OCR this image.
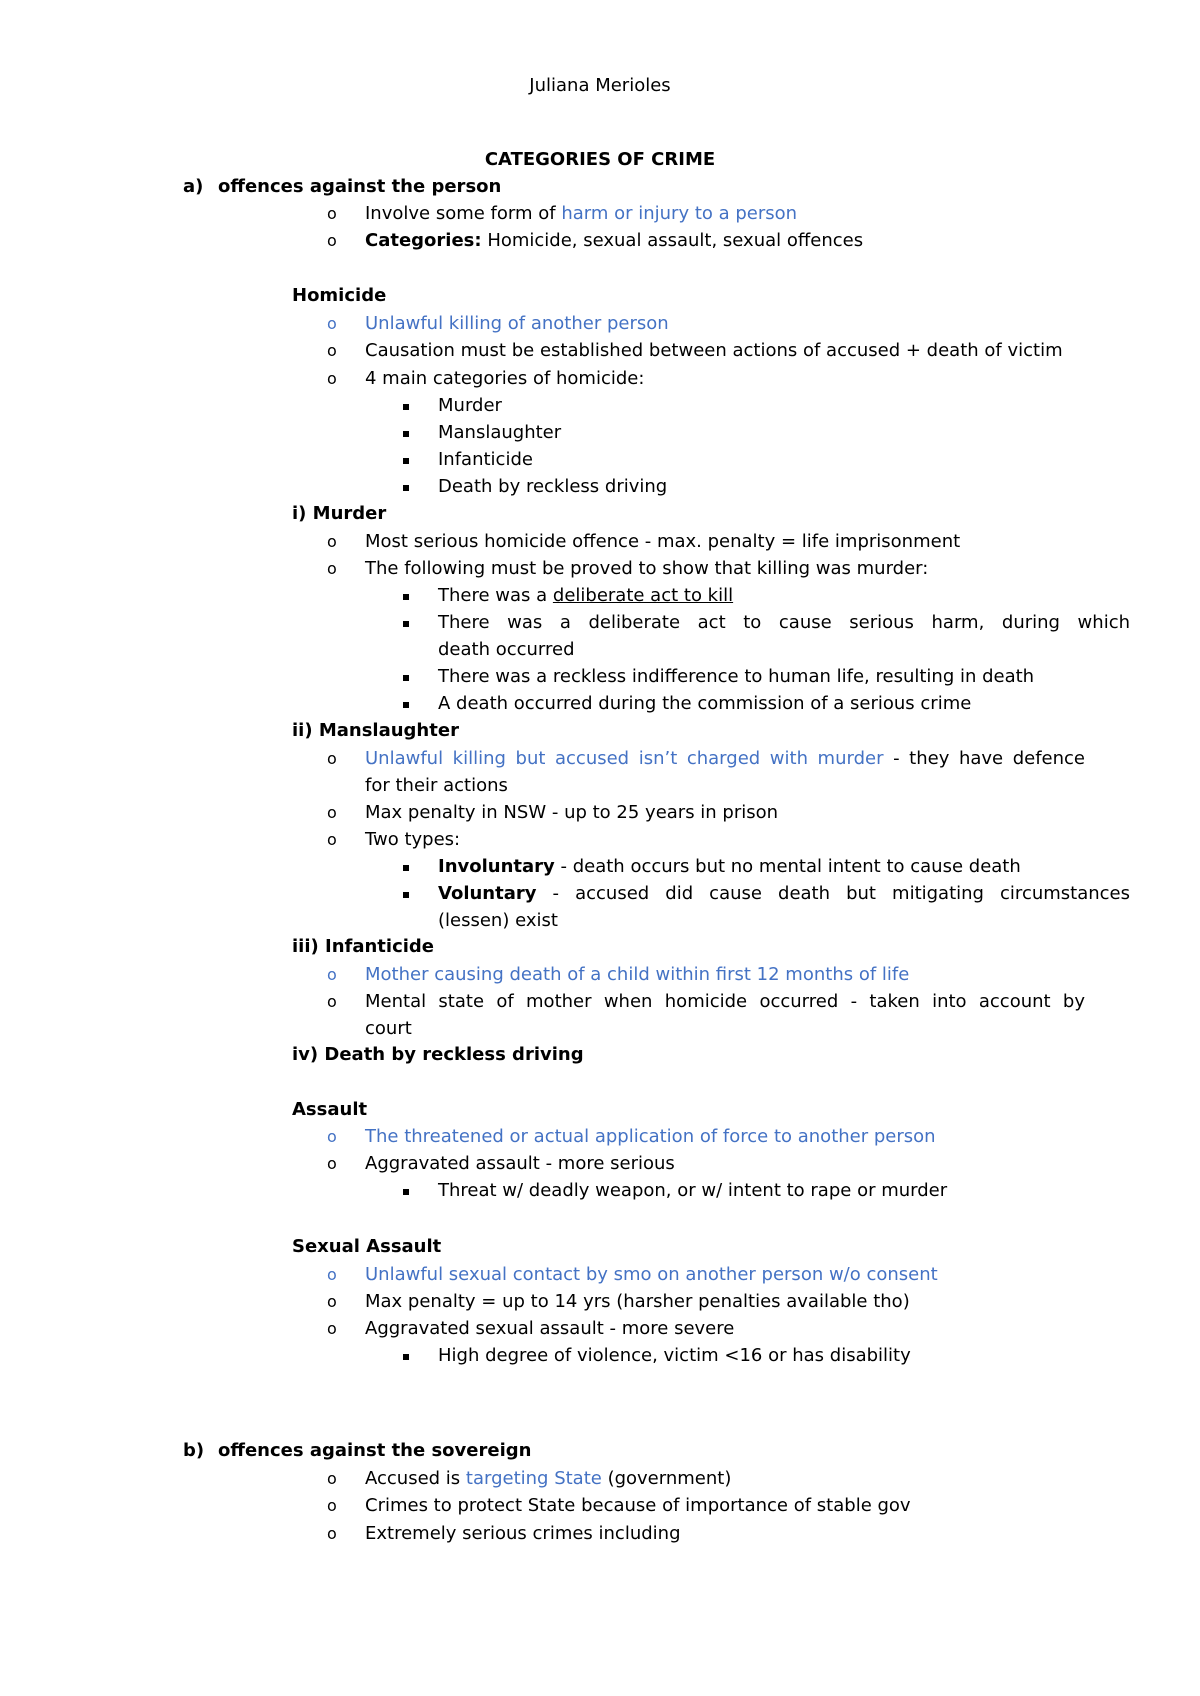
Juliana Merioles
CATEGORIES OF CRIME
a) offences against the person
o Involve some form of harm or injury to a person
o Categories: Homicide, sexual assault, sexual offences
Homicide
o Unlawful killing of another person
o Causation must be established between actions of accused + death of victim
o 4 main categories of homicide:
Murder
Manslaughter
Infanticide
Death by reckless driving
i) Murder
o Most serious homicide offence - max. penalty = life imprisonment
o The following must be proved to show that killing was murder:
There was a deliberate act to kill
There was a deliberate act to cause serious harm, during which
death occurred
There was a reckless indifference to human life, resulting in death
A death occurred during the commission of a serious crime
ii) Manslaughter
o Unlawful killing but accused isn’t charged with murder - they have defence
for their actions
o Max penalty in NSW - up to 25 years in prison
o Two types:
Involuntary - death occurs but no mental intent to cause death
Voluntary - accused did cause death but mitigating circumstances
(lessen) exist
iii) Infanticide
o Mother causing death of a child within first 12 months of life
o Mental state of mother when homicide occurred - taken into account by
court
iv) Death by reckless driving
Assault
o The threatened or actual application of force to another person
o Aggravated assault - more serious
Threat w/ deadly weapon, or w/ intent to rape or murder
Sexual Assault
o Unlawful sexual contact by smo on another person w/o consent
o Max penalty = up to 14 yrs (harsher penalties available tho)
o Aggravated sexual assault - more severe
High degree of violence, victim <16 or has disability
b) offences against the sovereign
o Accused is targeting State (government)
o Crimes to protect State because of importance of stable gov
o Extremely serious crimes including
